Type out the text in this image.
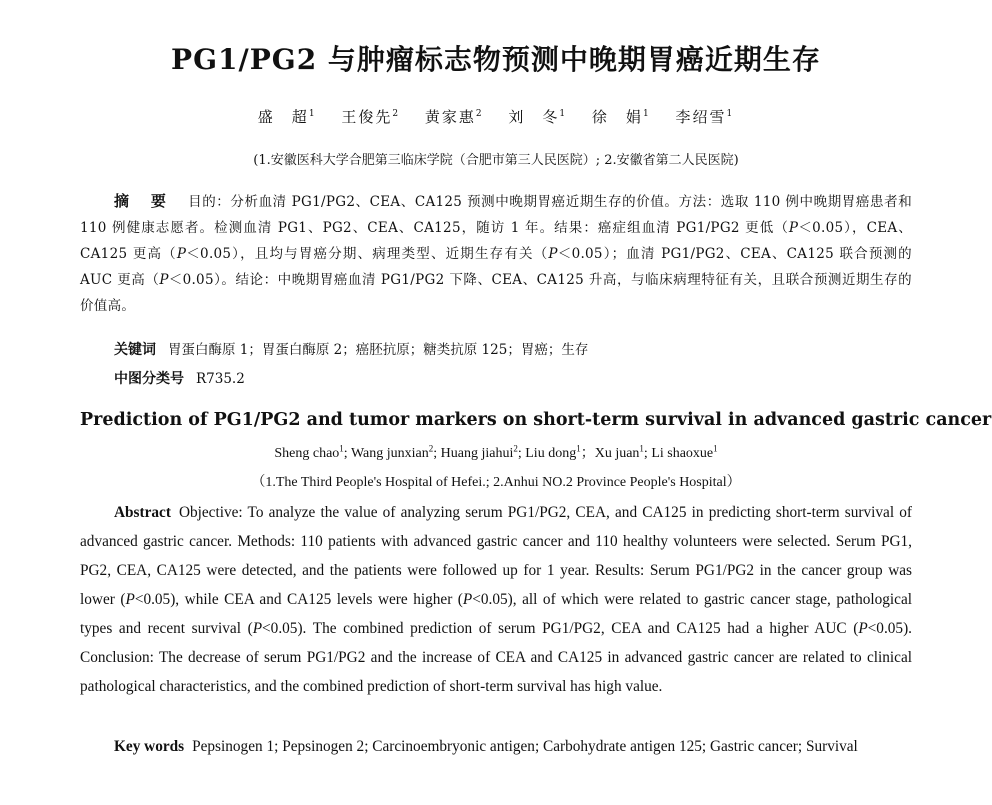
PG1/PG2 与肿瘤标志物预测中晚期胃癌近期生存
盛　超$^1$ 王俊先$^2$ 黄家惠$^2$ 刘　冬$^1$ 徐　娟$^1$ 李绍雪$^1$
(1.安徽医科大学合肥第三临床学院（合肥市第三人民医院）; 2.安徽省第二人民医院)
摘 要 目的：分析血清 PG1/PG2、CEA、CA125 预测中晚期胃癌近期生存的价值。方法：选取 110 例中晚期胃癌患者和 110 例健康志愿者。检测血清 PG1、PG2、CEA、CA125，随访 1 年。结果：癌症组血清 PG1/PG2 更低（P＜0.05），CEA、CA125 更高（P＜0.05），且均与胃癌分期、病理类型、近期生存有关（P＜0.05）；血清 PG1/PG2、CEA、CA125 联合预测的 AUC 更高（P＜0.05）。结论：中晚期胃癌血清 PG1/PG2 下降、CEA、CA125 升高，与临床病理特征有关，且联合预测近期生存的价值高。
关键词 胃蛋白酶原 1；胃蛋白酶原 2；癌胚抗原；糖类抗原 125；胃癌；生存
中图分类号 R735.2
Prediction of PG1/PG2 and tumor markers on short-term survival in advanced gastric cancer
Sheng chao$^1$; Wang junxian$^2$; Huang jiahui$^2$; Liu dong$^1$；Xu juan$^1$; Li shaoxue$^1$
（1.The Third People's Hospital of Hefei.; 2.Anhui NO.2 Province People's Hospital）
Abstract Objective: To analyze the value of analyzing serum PG1/PG2, CEA, and CA125 in predicting short-term survival of advanced gastric cancer. Methods: 110 patients with advanced gastric cancer and 110 healthy volunteers were selected. Serum PG1, PG2, CEA, CA125 were detected, and the patients were followed up for 1 year. Results: Serum PG1/PG2 in the cancer group was lower (P<0.05), while CEA and CA125 levels were higher (P<0.05), all of which were related to gastric cancer stage, pathological types and recent survival (P<0.05). The combined prediction of serum PG1/PG2, CEA and CA125 had a higher AUC (P<0.05). Conclusion: The decrease of serum PG1/PG2 and the increase of CEA and CA125 in advanced gastric cancer are related to clinical pathological characteristics, and the combined prediction of short-term survival has high value.
Key words Pepsinogen 1; Pepsinogen 2; Carcinoembryonic antigen; Carbohydrate antigen 125; Gastric cancer; Survival
